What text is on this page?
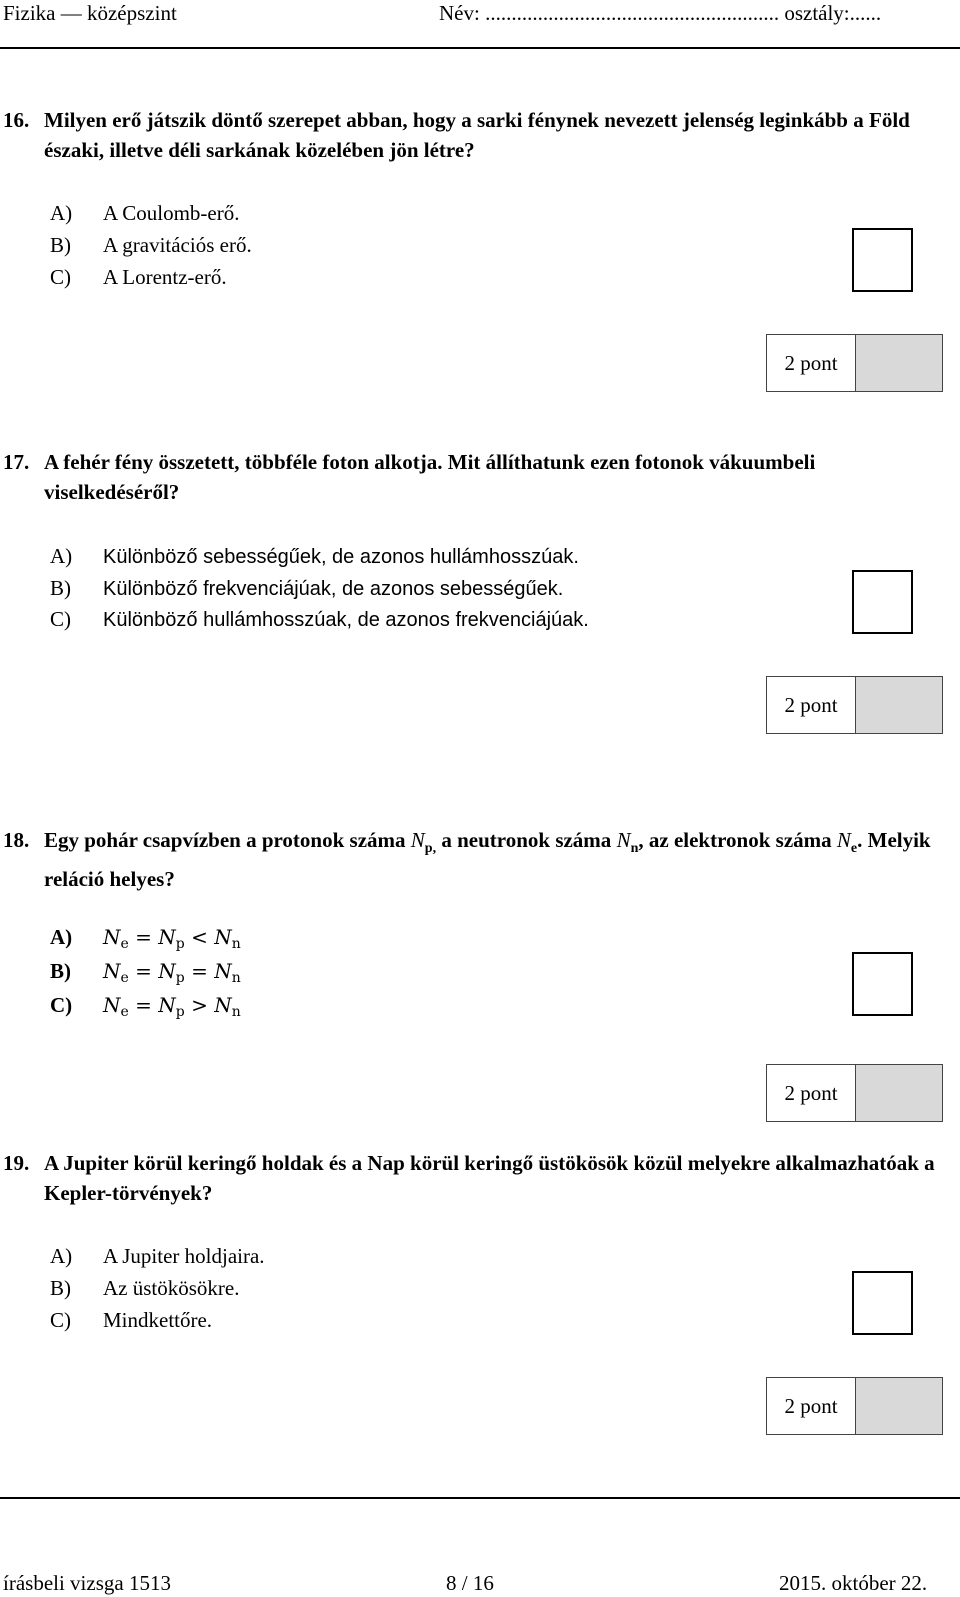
Fizika — középszint	Név: ........................................................ osztály:......
16. Milyen erő játszik döntő szerepet abban, hogy a sarki fénynek nevezett jelenség leginkább a Föld északi, illetve déli sarkának közelében jön létre?
A) A Coulomb-erő.
B) A gravitációs erő.
C) A Lorentz-erő.
2 pont
17. A fehér fény összetett, többféle foton alkotja. Mit állíthatunk ezen fotonok vákuumbeli viselkedéséről?
A) Különböző sebességűek, de azonos hullámhosszúak.
B) Különböző frekvenciájúak, de azonos sebességűek.
C) Különböző hullámhosszúak, de azonos frekvenciájúak.
2 pont
18. Egy pohár csapvízben a protonok száma $N_{p,}$ a neutronok száma $N_n$, az elektronok száma $N_e$. Melyik reláció helyes?
A) $N_e = N_p < N_n$
B) $N_e = N_p = N_n$
C) $N_e = N_p > N_n$
2 pont
19. A Jupiter körül keringő holdak és a Nap körül keringő üstökösök közül melyekre alkalmazhatóak a Kepler-törvények?
A) A Jupiter holdjaira.
B) Az üstökösökre.
C) Mindkettőre.
2 pont
írásbeli vizsga 1513	8 / 16	2015. október 22.
